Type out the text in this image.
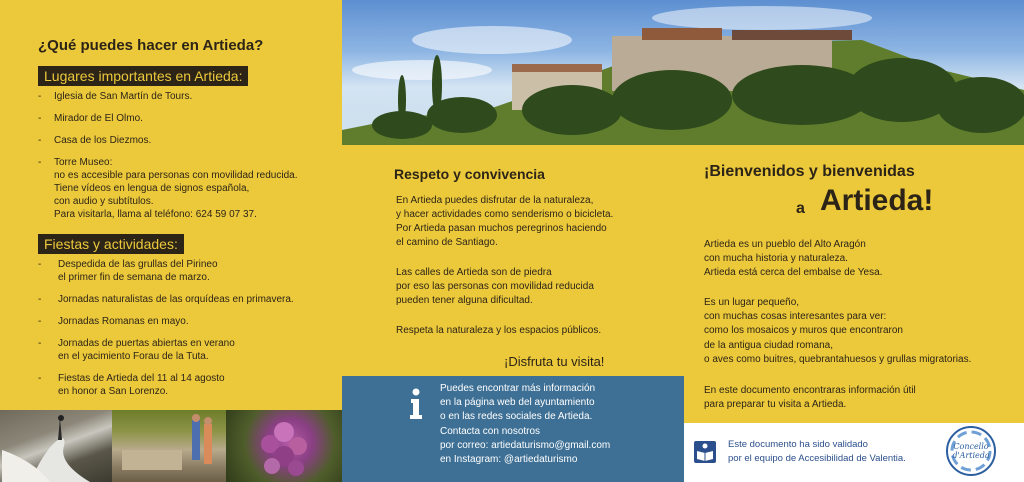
¿Qué puedes hacer en Artieda?
Lugares importantes en Artieda:
- Iglesia de San Martín de Tours.
- Mirador de El Olmo.
- Casa de los Diezmos.
- Torre Museo:
no es accesible para personas con movilidad reducida.
Tiene vídeos en lengua de signos española,
con audio y subtítulos.
Para visitarla, llama al teléfono: 624 59 07 37.
Fiestas y actividades:
- Despedida de las grullas del Pirineo
el primer fin de semana de marzo.
- Jornadas naturalistas de las orquídeas en primavera.
- Jornadas Romanas en mayo.
- Jornadas de puertas abiertas en verano
en el yacimiento Forau de la Tuta.
- Fiestas de Artieda del 11 al 14 agosto
en honor a San Lorenzo.
Respeto y convivencia

En Artieda puedes disfrutar de la naturaleza,
y hacer actividades como senderismo o bicicleta.
Por Artieda pasan muchos peregrinos haciendo
el camino de Santiago.

Las calles de Artieda son de piedra
por eso las personas con movilidad reducida
pueden tener alguna dificultad.

Respeta la naturaleza y los espacios públicos.

¡Disfruta tu visita!

Puedes encontrar más información
en la página web del ayuntamiento
o en las redes sociales de Artieda.
Contacta con nosotros
por correo: artiedaturismo@gmail.com
en Instagram: @artiedaturismo

¡Bienvenidos y bienvenidas
a Artieda!

Artieda es un pueblo del Alto Aragón
con mucha historia y naturaleza.
Artieda está cerca del embalse de Yesa.

Es un lugar pequeño,
con muchas cosas interesantes para ver:
como los mosaicos y muros que encontraron
de la antigua ciudad romana,
o aves como buitres, quebrantahuesos y grullas migratorias.

En este documento encontraras información útil
para preparar tu visita a Artieda.

Este documento ha sido validado
por el equipo de Accesibilidad de Valentia.

Concello
d'Artieda
